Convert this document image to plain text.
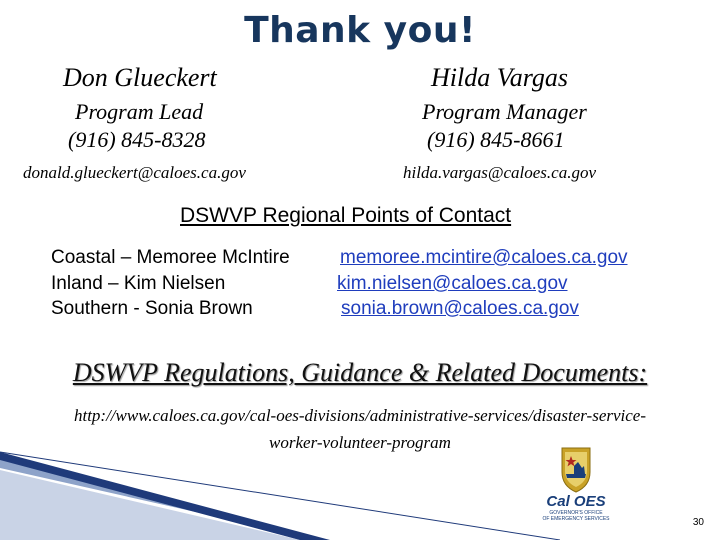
Thank you!
Don Glueckert
Program Lead
(916) 845-8328
donald.glueckert@caloes.ca.gov
Hilda Vargas
Program Manager
(916) 845-8661
hilda.vargas@caloes.ca.gov
DSWVP Regional Points of Contact
Coastal – Memoree McIntire	memoree.mcintire@caloes.ca.gov
Inland – Kim Nielsen	kim.nielsen@caloes.ca.gov
Southern - Sonia Brown	sonia.brown@caloes.ca.gov
DSWVP Regulations, Guidance & Related Documents:
http://www.caloes.ca.gov/cal-oes-divisions/administrative-services/disaster-service-
worker-volunteer-program
Cal OES
GOVERNOR'S OFFICE
OF EMERGENCY SERVICES	30
